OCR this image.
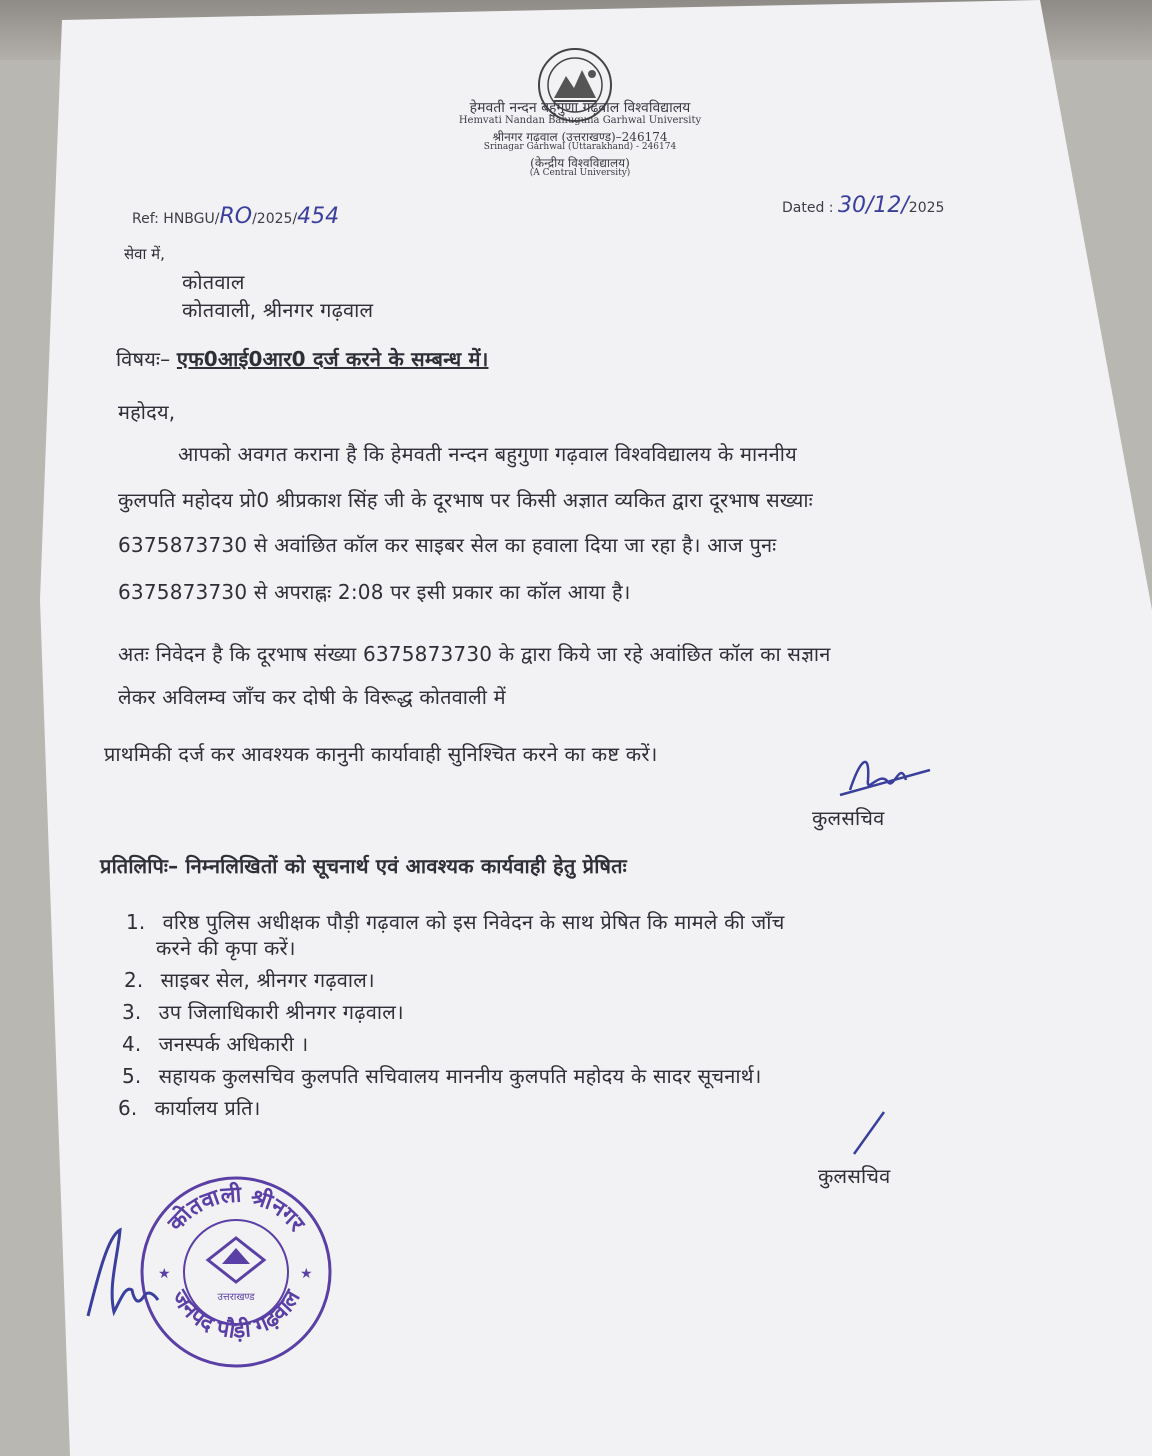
हेमवती नन्दन बहुगुणा गढ़वाल विश्वविद्यालय
Hemvati Nandan Bahuguna Garhwal University
श्रीनगर गढ़वाल (उत्तराखण्ड)–246174
Srinagar Garhwal (Uttarakhand) - 246174
(केन्द्रीय विश्वविद्यालय)
(A Central University)
Ref: HNBGU/RO/2025/454	Dated : 30/12/2025
सेवा में,
कोतवाल
कोतवाली, श्रीनगर गढ़वाल
विषयः– एफ0आई0आर0 दर्ज करने के सम्बन्ध में।
महोदय,
आपको अवगत कराना है कि हेमवती नन्दन बहुगुणा गढ़वाल विश्वविद्यालय के माननीय
कुलपति महोदय प्रो0 श्रीप्रकाश सिंह जी के दूरभाष पर किसी अज्ञात व्यकित द्वारा दूरभाष सख्याः
6375873730 से अवांछित कॉल कर साइबर सेल का हवाला दिया जा रहा है। आज पुनः
6375873730 से अपराह्नः 2:08 पर इसी प्रकार का कॉल आया है।
अतः निवेदन है कि दूरभाष संख्या 6375873730 के द्वारा किये जा रहे अवांछित कॉल का सज्ञान
लेकर अविलम्व जाँच कर दोषी के विरूद्ध कोतवाली में
प्राथमिकी दर्ज कर आवश्यक कानुनी कार्यावाही सुनिश्चित करने का कष्ट करें।
कुलसचिव
प्रतिलिपिः– निम्नलिखितों को सूचनार्थ एवं आवश्यक कार्यवाही हेतु प्रेषितः
1. वरिष्ठ पुलिस अधीक्षक पौड़ी गढ़वाल को इस निवेदन के साथ प्रेषित कि मामले की जाँच
करने की कृपा करें।
2. साइबर सेल, श्रीनगर गढ़वाल।
3. उप जिलाधिकारी श्रीनगर गढ़वाल।
4. जनस्पर्क अधिकारी ।
5. सहायक कुलसचिव कुलपति सचिवालय माननीय कुलपति महोदय के सादर सूचनार्थ।
6. कार्यालय प्रति।
कुलसचिव
कोतवाली श्रीनगर
जनपद पौड़ी गढ़वाल
उत्तराखण्ड
★	★
